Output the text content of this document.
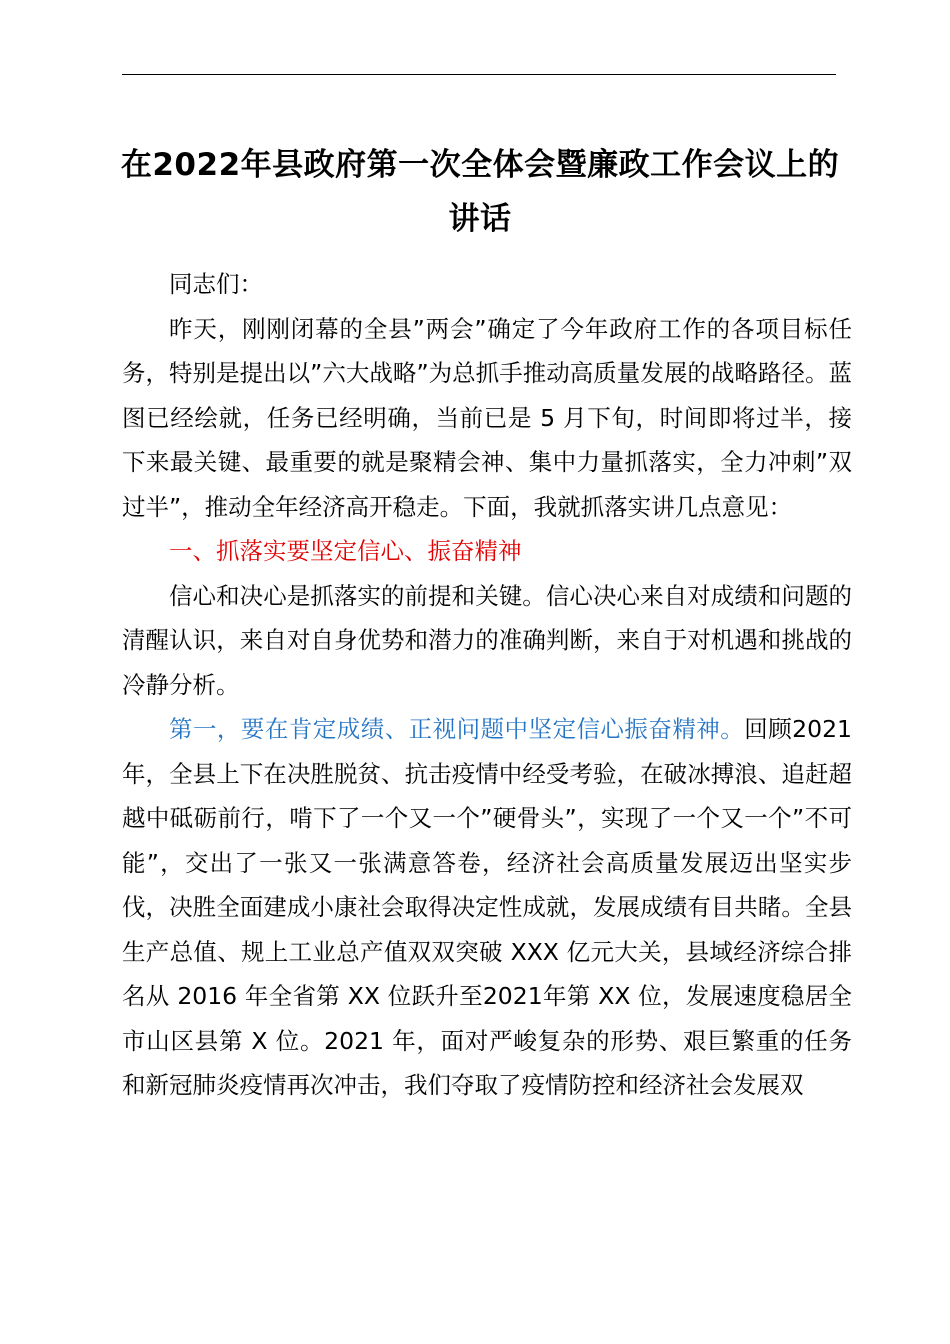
在2022年县政府第一次全体会暨廉政工作会议上的讲话

同志们：

昨天，刚刚闭幕的全县”两会”确定了今年政府工作的各项目标任务，特别是提出以”六大战略”为总抓手推动高质量发展的战略路径。蓝图已经绘就，任务已经明确，当前已是 5 月下旬，时间即将过半，接下来最关键、最重要的就是聚精会神、集中力量抓落实，全力冲刺”双过半”，推动全年经济高开稳走。下面，我就抓落实讲几点意见：

一、抓落实要坚定信心、振奋精神

信心和决心是抓落实的前提和关键。信心决心来自对成绩和问题的清醒认识，来自对自身优势和潜力的准确判断，来自于对机遇和挑战的冷静分析。

第一，要在肯定成绩、正视问题中坚定信心振奋精神。回顾2021年，全县上下在决胜脱贫、抗击疫情中经受考验，在破冰搏浪、追赶超越中砥砺前行，啃下了一个又一个”硬骨头”，实现了一个又一个”不可能”，交出了一张又一张满意答卷，经济社会高质量发展迈出坚实步伐，决胜全面建成小康社会取得决定性成就，发展成绩有目共睹。全县生产总值、规上工业总产值双双突破 XXX 亿元大关，县域经济综合排名从 2016 年全省第 XX 位跃升至2021年第 XX 位，发展速度稳居全市山区县第 X 位。2021 年，面对严峻复杂的形势、艰巨繁重的任务和新冠肺炎疫情再次冲击，我们夺取了疫情防控和经济社会发展双
